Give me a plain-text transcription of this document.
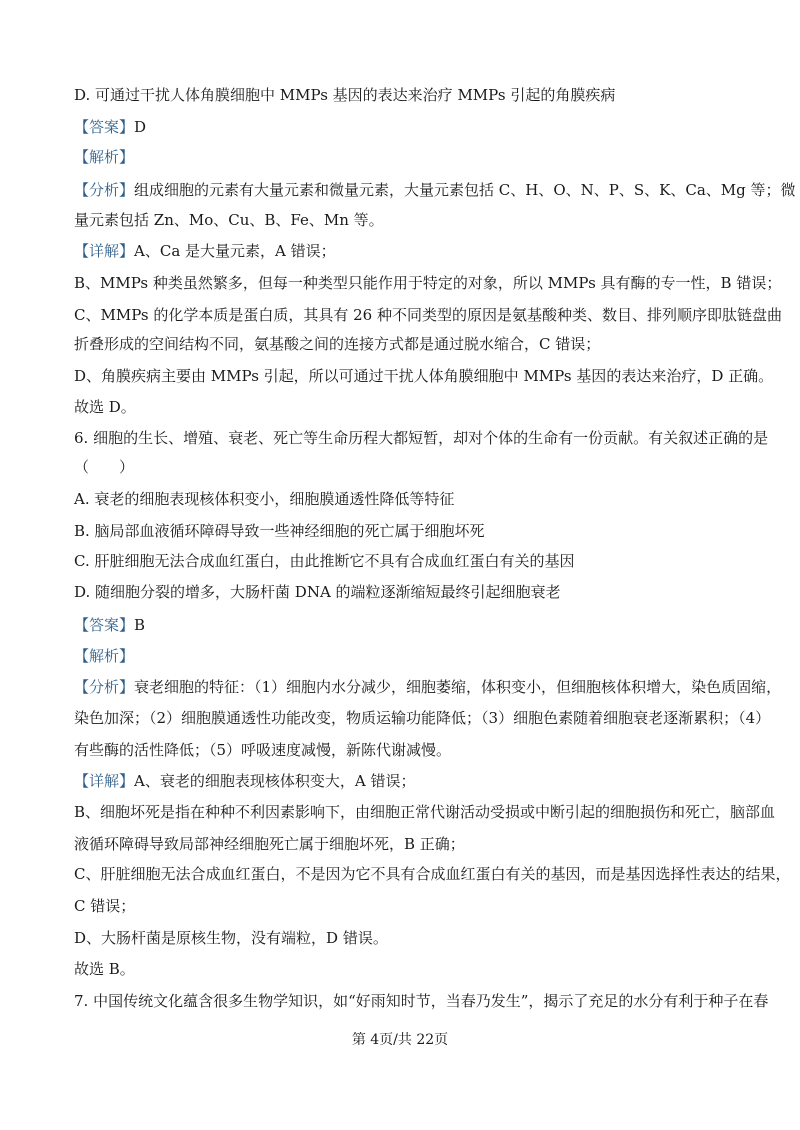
D. 可通过干扰人体角膜细胞中 MMPs 基因的表达来治疗 MMPs 引起的角膜疾病
【答案】D
【解析】
【分析】组成细胞的元素有大量元素和微量元素，大量元素包括 C、H、O、N、P、S、K、Ca、Mg 等；微
量元素包括 Zn、Mo、Cu、B、Fe、Mn 等。
【详解】A、Ca 是大量元素，A 错误；
B、MMPs 种类虽然繁多，但每一种类型只能作用于特定的对象，所以 MMPs 具有酶的专一性，B 错误；
C、MMPs 的化学本质是蛋白质，其具有 26 种不同类型的原因是氨基酸种类、数目、排列顺序即肽链盘曲
折叠形成的空间结构不同，氨基酸之间的连接方式都是通过脱水缩合，C 错误；
D、角膜疾病主要由 MMPs 引起，所以可通过干扰人体角膜细胞中 MMPs 基因的表达来治疗，D 正确。
故选 D。
6. 细胞的生长、增殖、衰老、死亡等生命历程大都短暂，却对个体的生命有一份贡献。有关叙述正确的是
（　　）
A. 衰老的细胞表现核体积变小，细胞膜通透性降低等特征
B. 脑局部血液循环障碍导致一些神经细胞的死亡属于细胞坏死
C. 肝脏细胞无法合成血红蛋白，由此推断它不具有合成血红蛋白有关的基因
D. 随细胞分裂的增多，大肠杆菌 DNA 的端粒逐渐缩短最终引起细胞衰老
【答案】B
【解析】
【分析】衰老细胞的特征：（1）细胞内水分减少，细胞萎缩，体积变小，但细胞核体积增大，染色质固缩，
染色加深；（2）细胞膜通透性功能改变，物质运输功能降低；（3）细胞色素随着细胞衰老逐渐累积；（4）
有些酶的活性降低；（5）呼吸速度减慢，新陈代谢减慢。
【详解】A、衰老的细胞表现核体积变大，A 错误；
B、细胞坏死是指在种种不利因素影响下，由细胞正常代谢活动受损或中断引起的细胞损伤和死亡，脑部血
液循环障碍导致局部神经细胞死亡属于细胞坏死，B 正确；
C、肝脏细胞无法合成血红蛋白，不是因为它不具有合成血红蛋白有关的基因，而是基因选择性表达的结果，
C 错误；
D、大肠杆菌是原核生物，没有端粒，D 错误。
故选 B。
7. 中国传统文化蕴含很多生物学知识，如“好雨知时节，当春乃发生”，揭示了充足的水分有利于种子在春
第 4页/共 22页
